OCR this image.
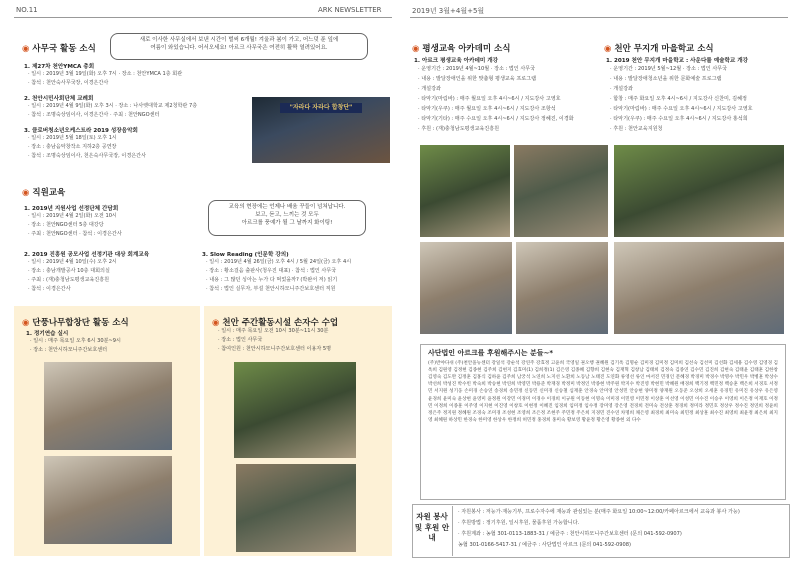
NO.11	ARK NEWSLETTER	2019년 3월+4월+5월
◉ 사무국 활동 소식
새로 이사한 사무실에서 보낸 시간이 벌써 6개월! 겨울과 봄이 가고, 어느덧 푼 잎에
여름이 와있습니다. 어서오세요! 아르크 사무국은 여전히 활짝 열려있어요.
1. 제27차 천안YMCA 총회
· 일시 : 2019년 3월 19일(화) 오후 7시 · 장소 : 천안YMCA 1층 회관
· 참석 : 천안숙사무국장, 이경은간사
2. 천안시민사회단체 교례회
· 일시 : 2019년 4월 9일(화) 오후 3시 · 장소 : 나사렛대학교 제2청학관 7층
· 참석 : 조명숙상임이사, 이경은간사 · 주최 : 천안NGO센터
3. 클로버청소년오케스트라 2019 성장음악회
· 일시 : 2019년 5월 18일(토) 오후 1시
· 장소 : 충남음악창작소 지하2층 공연장
· 참석 : 조명숙상임이사, 천은숙사무국장, 이경은간사
"자라다 자라다 합창단"
◉ 직원교육
교육의 현장에는 언제나 배움 꾸들이 넘쳐납니다.
보고, 듣고, 느끼는 것 모두
아르크를 풍예가 될 그 날까지 화이팅!
1. 2019년 지원사업 선정단체 간담회
· 일시 : 2019년 4월 2일(화) 오전 10시
· 장소 : 천안NGO센터 5층 대강당
· 주최 : 천안NGO센터 · 참석 : 이경은간사
2. 2019 진흥원 공모사업 선정기관 대상 회계교육
· 일시 : 2019년 4월 10일(수) 오후 2시
· 장소 : 충남개발공사 10층 대회의실
· 주최 : (재)충청남도평생교육진흥원
· 참석 : 이경은간사
3. Slow Reading (인문학 강의)
· 일시 : 2019년 4월 26일(금) 오후 4시 / 5월 24일(금) 오후 4시
· 장소 : 황소걸음 출판사(청우진 대표) · 참석 : 법인 사무국
· 내용 : 그 많던 싱아는 누가 다 먹었을까? (박완서 저) 읽기
· 참석 : 법인 실무자, 부설 천안시하모니주간보호센터 직원
◉ 단풍나무합창단 활동 소식
1. 정기연습 실시
· 일시 : 매주 목요일 오후 6시 30분~9시
· 장소 : 천안시하모니주간보호센터
◉ 천안 주간활동시설 손자수 수업
· 일시 : 매주 목요일 오전 10시 30분~11시 30분
· 장소 : 법인 사무국
· 참여인원 : 천안시하모니주간보호센터 이용자 5명
◉ 평생교육 아카데미 소식
1. 아르크 평생교육 아카데미 개강
· 운영기간 : 2019년 4월~10월 · 장소 : 법인 사무국
· 내용 : 발달장애인을 위한 맞춤형 평생교육 프로그램
· 개설강좌
· 타악기(마림바) : 매주 월요일 오후 4시~6시 / 지도강사 고영호
· 타악기(우쿠) : 매주 월요일 오후 4시~6시 / 지도강사 조항석
· 타악기(기타) : 매주 수요일 오후 4시~6시 / 지도강사 정혜진, 이경화
· 후원 : (재)충청남도평생교육진흥원
◉ 천안 무지개 마을학교 소식
1. 2019 천안 무지개 마을학교 : 사운다를 예술학교 개강
· 운영기간 : 2019년 5월~12월 · 장소 : 법인 사무국
· 내용 : 발달장애청소년을 위한 문화예술 프로그램
· 개설강좌
· 합창 : 매주 화요일 오후 4시~6시 / 지도강사 신찬미, 김혜정
· 타악기(마림바) : 매주 수요일 오후 4시~6시 / 지도강사 고영호
· 타악기(우쿠) : 매주 수요일 오후 4시~6시 / 지도강사 홍석희
· 후원 : 천안교육지원청
사단법인 아르크를 후원해주시는 분들~*
(주)반야다쉬 (주)천안올뉴센터 강일석 강순석 강연주 강효정 고윤희 국영일 권오행 권혜원 김기옥 김명순 김미경 김미정 김미희 김선숙 김선미 김선화 김세용 김수영 김영경 김옥희 김원영 김정현 김종현 김주희 김현지 김효미(1) 김희정(1) 김은영 김종혜 김향희 김현숙 김재혁 김창남 김태희 김정숙 김종연 김수민 김진희 김현숙 김태윤 김태훈 김한창 김영숙 김도완 김정훈 김홍식 김하윤 김주희 남궁석 노연희 노지선 노환희 노동남 노태진 도연화 류영선 류인 마서진 민경인 문혜경 박경미 박경수 박명수 박민우 박병훈 박상수 박선희 박성진 박수빈 박숙희 박승현 박연희 박영민 박용준 박재경 박정미 박정인 박종현 박주원 박지수 박진영 박현민 박혜원 배경희 백기정 백민정 백승훈 백은희 서경호 서정민 서지원 성기웅 손미경 손승연 송경희 송민정 신동민 신미경 신승철 심재훈 안경숙 안미영 안성민 안승현 양미정 양재원 오동준 오상희 오세훈 유경민 유미진 유상우 유은영 윤경희 윤미숙 윤상현 윤영미 윤정원 이강민 이경미 이경수 이경희 이규원 이동현 이명숙 이미경 이민영 이민정 이상훈 이선영 이성민 이수진 이승우 이영희 이은정 이재호 이정민 이정희 이종훈 이주영 이지현 이진영 이창호 이현정 이혜진 임경희 임미정 임수정 장미영 장은영 전경희 전미숙 전상훈 정경희 정미라 정민호 정상우 정수진 정연희 정윤희 정은주 정지원 정혜원 조경숙 조미경 조성현 조영희 조은정 조현주 주민정 주은희 지경민 진수연 차명희 채은영 최경희 최미숙 최민정 최상훈 최수진 최영희 최윤정 최은희 최지영 최혜원 하상민 한경숙 한미영 한상우 한정희 허민정 홍경희 홍미숙 황보영 황윤정 황은영 황종현 외 다수
자원 봉사 및 후원 안내
· 자원봉사 : 저능가·재능기부, 프로수자수에 재능과 관심있는 분(매주 화요일 10:00~12:00/카페아르크에서 교육과 봉사 가능)
· 후원방법 : 정기후원, 일시후원, 물품후원 가능합니다.
· 후원계좌 : 농협 301-0113-1883-31 / 예금주 : 천안시하모니주간보호센터 (문의 041-592-0907)
농협 301-0166-5417-31 / 예금주 : 사단법인 아르크 (문의 041-592-0908)
